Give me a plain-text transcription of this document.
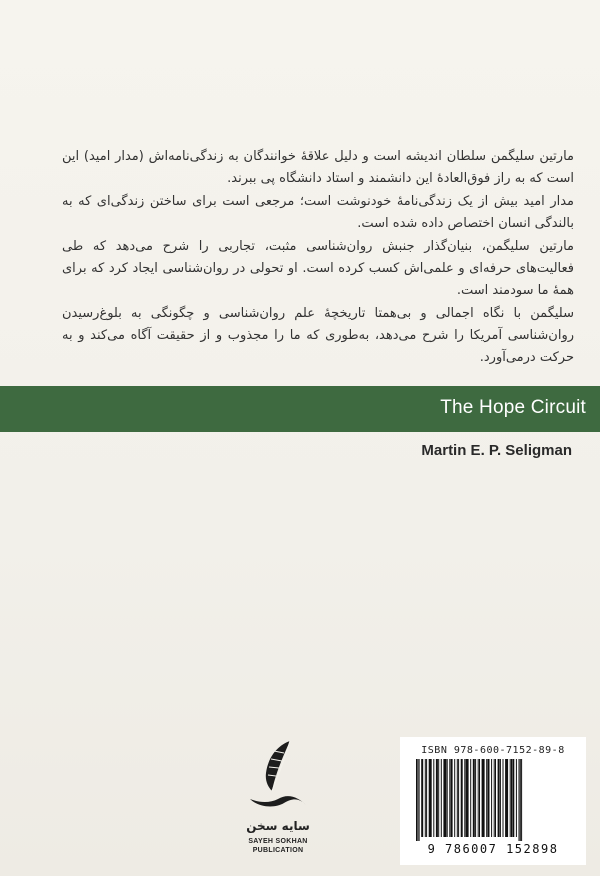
مارتین سلیگمن سلطان اندیشه است و دلیل علاقهٔ خوانندگان به زندگی‌نامه‌اش (مدار امید) این است که به راز فوق‌العادهٔ این دانشمند و استاد دانشگاه پی ببرند.

مدار امید بیش از یک زندگی‌نامهٔ خودنوشت است؛ مرجعی است برای ساختن زندگی‌ای که به بالندگی انسان اختصاص داده شده است.

مارتین سلیگمن، بنیان‌گذار جنبش روان‌شناسی مثبت، تجاربی را شرح می‌دهد که طی فعالیت‌های حرفه‌ای و علمی‌اش کسب کرده است. او تحولی در روان‌شناسی ایجاد کرد که برای همهٔ ما سودمند است.

سلیگمن با نگاه اجمالی و بی‌همتا تاریخچهٔ علم روان‌شناسی و چگونگی به بلوغ‌رسیدن روان‌شناسی آمریکا را شرح می‌دهد، به‌طوری که ما را مجذوب و از حقیقت آگاه می‌کند و به حرکت درمی‌آورد.

The Hope Circuit
Martin E. P. Seligman
سایه سخن
SAYEH SOKHAN
PUBLICATION
ISBN 978-600-7152-89-8
9 786007 152898
